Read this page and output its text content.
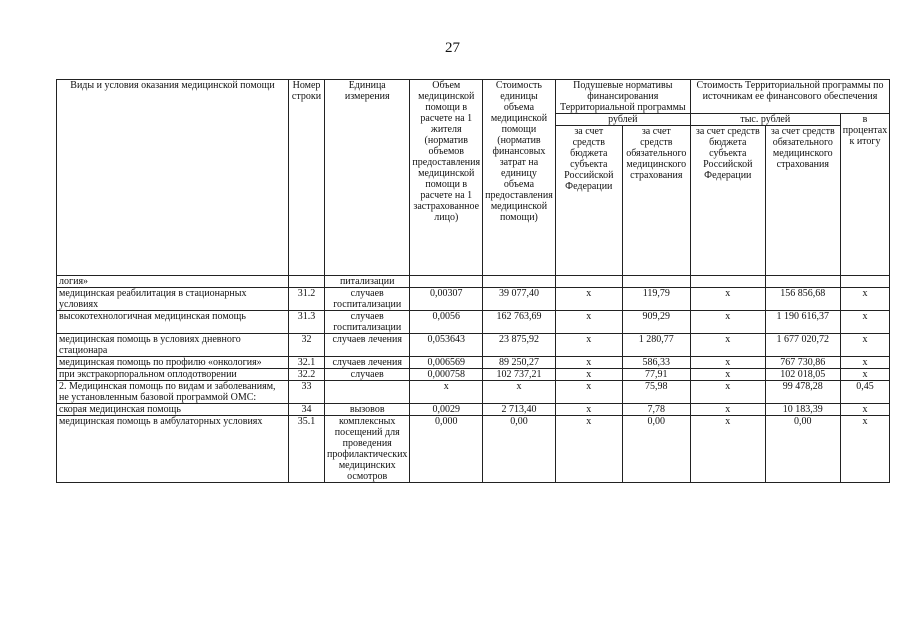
27
Виды и условия оказания медицинской помощи	Номер строки	Единица измерения	Объем медицинской помощи в расчете на 1 жителя (норматив объемов предоставления медицинской помощи в расчете на 1 застрахованное лицо)	Стоимость единицы объема медицинской помощи (норматив финансовых затрат на единицу объема предоставления медицинской помощи)	Подушевые нормативы финансирования Территориальной программы		Стоимость Территориальной программы по источникам ее финансового обеспечения		
					рублей		тыс. рублей		в процентах к итогу
					за счет средств бюджета субъекта Российской Федерации	за счет средств обязательного медицинского страхования	за счет средств бюджета субъекта Российской Федерации	за счет средств обязательного медицинского страхования	
логия»		питализации							
медицинская реабилитация в стационарных условиях	31.2	случаев госпитализации	0,00307	39 077,40	x	119,79	x	156 856,68	x
высокотехнологичная медицинская помощь	31.3	случаев госпитализации	0,0056	162 763,69	x	909,29	x	1 190 616,37	x
медицинская помощь в условиях дневного стационара	32	случаев лечения	0,053643	23 875,92	x	1 280,77	x	1 677 020,72	x
медицинская помощь по профилю «онкология»	32.1	случаев лечения	0,006569	89 250,27	x	586,33	x	767 730,86	x
при экстракорпоральном оплодотворении	32.2	случаев	0,000758	102 737,21	x	77,91	x	102 018,05	x
2. Медицинская помощь по видам и заболеваниям, не установленным базовой программой ОМС:	33		x	x	x	75,98	x	99 478,28	0,45
скорая медицинская помощь	34	вызовов	0,0029	2 713,40	x	7,78	x	10 183,39	x
медицинская помощь в амбулаторных условиях	35.1	комплексных посещений для проведения профилактических медицинских осмотров	0,000	0,00	x	0,00	x	0,00	x
